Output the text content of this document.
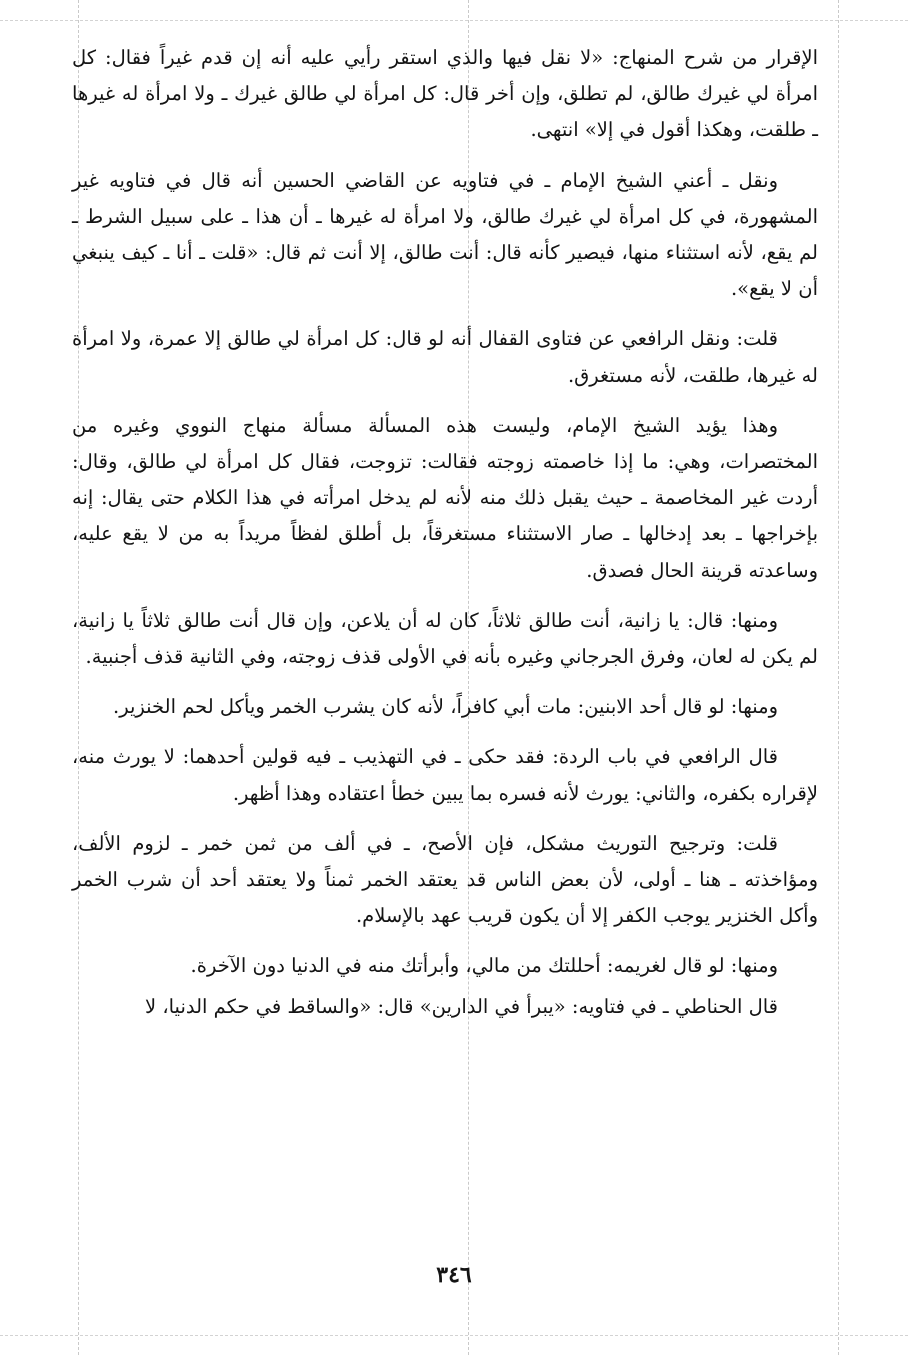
الإقرار من شرح المنهاج: «لا نقل فيها والذي استقر رأيي عليه أنه إن قدم غيراً فقال: كل امرأة لي غيرك طالق، لم تطلق، وإن أخر قال: كل امرأة لي طالق غيرك ـ ولا امرأة له غيرها ـ طلقت، وهكذا أقول في إلا» انتهى.

ونقل ـ أعني الشيخ الإمام ـ في فتاويه عن القاضي الحسين أنه قال في فتاويه غير المشهورة، في كل امرأة لي غيرك طالق، ولا امرأة له غيرها ـ أن هذا ـ على سبيل الشرط ـ لم يقع، لأنه استثناء منها، فيصير كأنه قال: أنت طالق، إلا أنت ثم قال: «قلت ـ أنا ـ كيف ينبغي أن لا يقع».

قلت: ونقل الرافعي عن فتاوى القفال أنه لو قال: كل امرأة لي طالق إلا عمرة، ولا امرأة له غيرها، طلقت، لأنه مستغرق.

وهذا يؤيد الشيخ الإمام، وليست هذه المسألة مسألة منهاج النووي وغيره من المختصرات، وهي: ما إذا خاصمته زوجته فقالت: تزوجت، فقال كل امرأة لي طالق، وقال: أردت غير المخاصمة ـ حيث يقبل ذلك منه لأنه لم يدخل امرأته في هذا الكلام حتى يقال: إنه بإخراجها ـ بعد إدخالها ـ صار الاستثناء مستغرقاً، بل أطلق لفظاً مريداً به من لا يقع عليه، وساعدته قرينة الحال فصدق.

ومنها: قال: يا زانية، أنت طالق ثلاثاً، كان له أن يلاعن، وإن قال أنت طالق ثلاثاً يا زانية، لم يكن له لعان، وفرق الجرجاني وغيره بأنه في الأولى قذف زوجته، وفي الثانية قذف أجنبية.

ومنها: لو قال أحد الابنين: مات أبي كافراً، لأنه كان يشرب الخمر ويأكل لحم الخنزير.

قال الرافعي في باب الردة: فقد حكى ـ في التهذيب ـ فيه قولين أحدهما: لا يورث منه، لإقراره بكفره، والثاني: يورث لأنه فسره بما يبين خطأ اعتقاده وهذا أظهر.

قلت: وترجيح التوريث مشكل، فإن الأصح، ـ في ألف من ثمن خمر ـ لزوم الألف، ومؤاخذته ـ هنا ـ أولى، لأن بعض الناس قد يعتقد الخمر ثمناً ولا يعتقد أحد أن شرب الخمر وأكل الخنزير يوجب الكفر إلا أن يكون قريب عهد بالإسلام.

ومنها: لو قال لغريمه: أحللتك من مالي، وأبرأتك منه في الدنيا دون الآخرة.

قال الحناطي ـ في فتاويه: «يبرأ في الدارين» قال: «والساقط في حكم الدنيا، لا

٣٤٦
